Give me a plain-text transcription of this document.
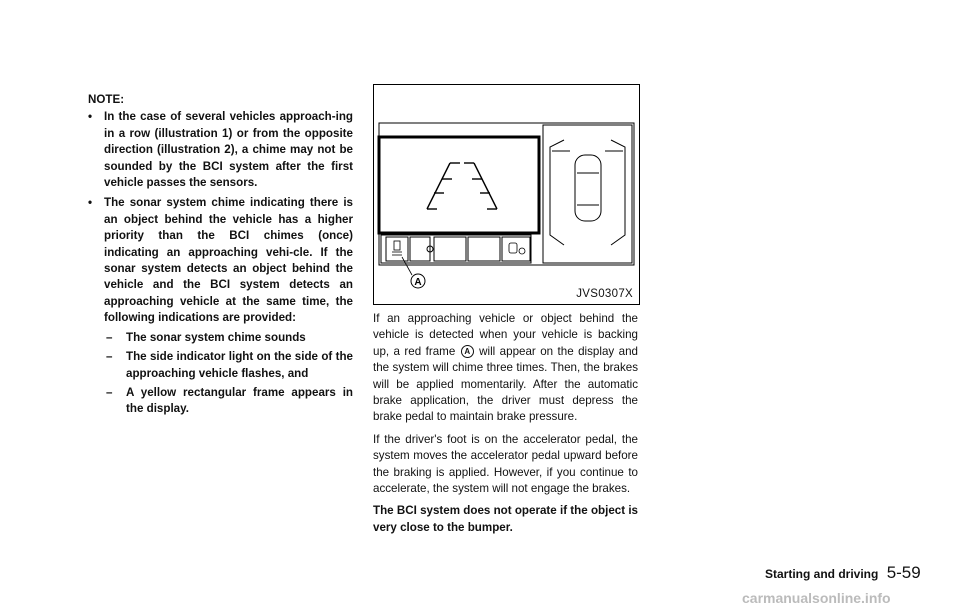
NOTE:
• In the case of several vehicles approach-ing in a row (illustration 1) or from the opposite direction (illustration 2), a chime may not be sounded by the BCI system after the first vehicle passes the sensors.
• The sonar system chime indicating there is an object behind the vehicle has a higher priority than the BCI chimes (once) indicating an approaching vehi-cle. If the sonar system detects an object behind the vehicle and the BCI system detects an approaching vehicle at the same time, the following indications are provided:
– The sonar system chime sounds
– The side indicator light on the side of the approaching vehicle flashes, and
– A yellow rectangular frame appears in the display.
A
JVS0307X

If an approaching vehicle or object behind the vehicle is detected when your vehicle is backing up, a red frame A will appear on the display and the system will chime three times. Then, the brakes will be applied momentarily. After the automatic brake application, the driver must depress the brake pedal to maintain brake pressure.

If the driver's foot is on the accelerator pedal, the system moves the accelerator pedal upward before the braking is applied. However, if you continue to accelerate, the system will not engage the brakes.

The BCI system does not operate if the object is very close to the bumper.

Starting and driving 5-59
carmanualsonline.info
